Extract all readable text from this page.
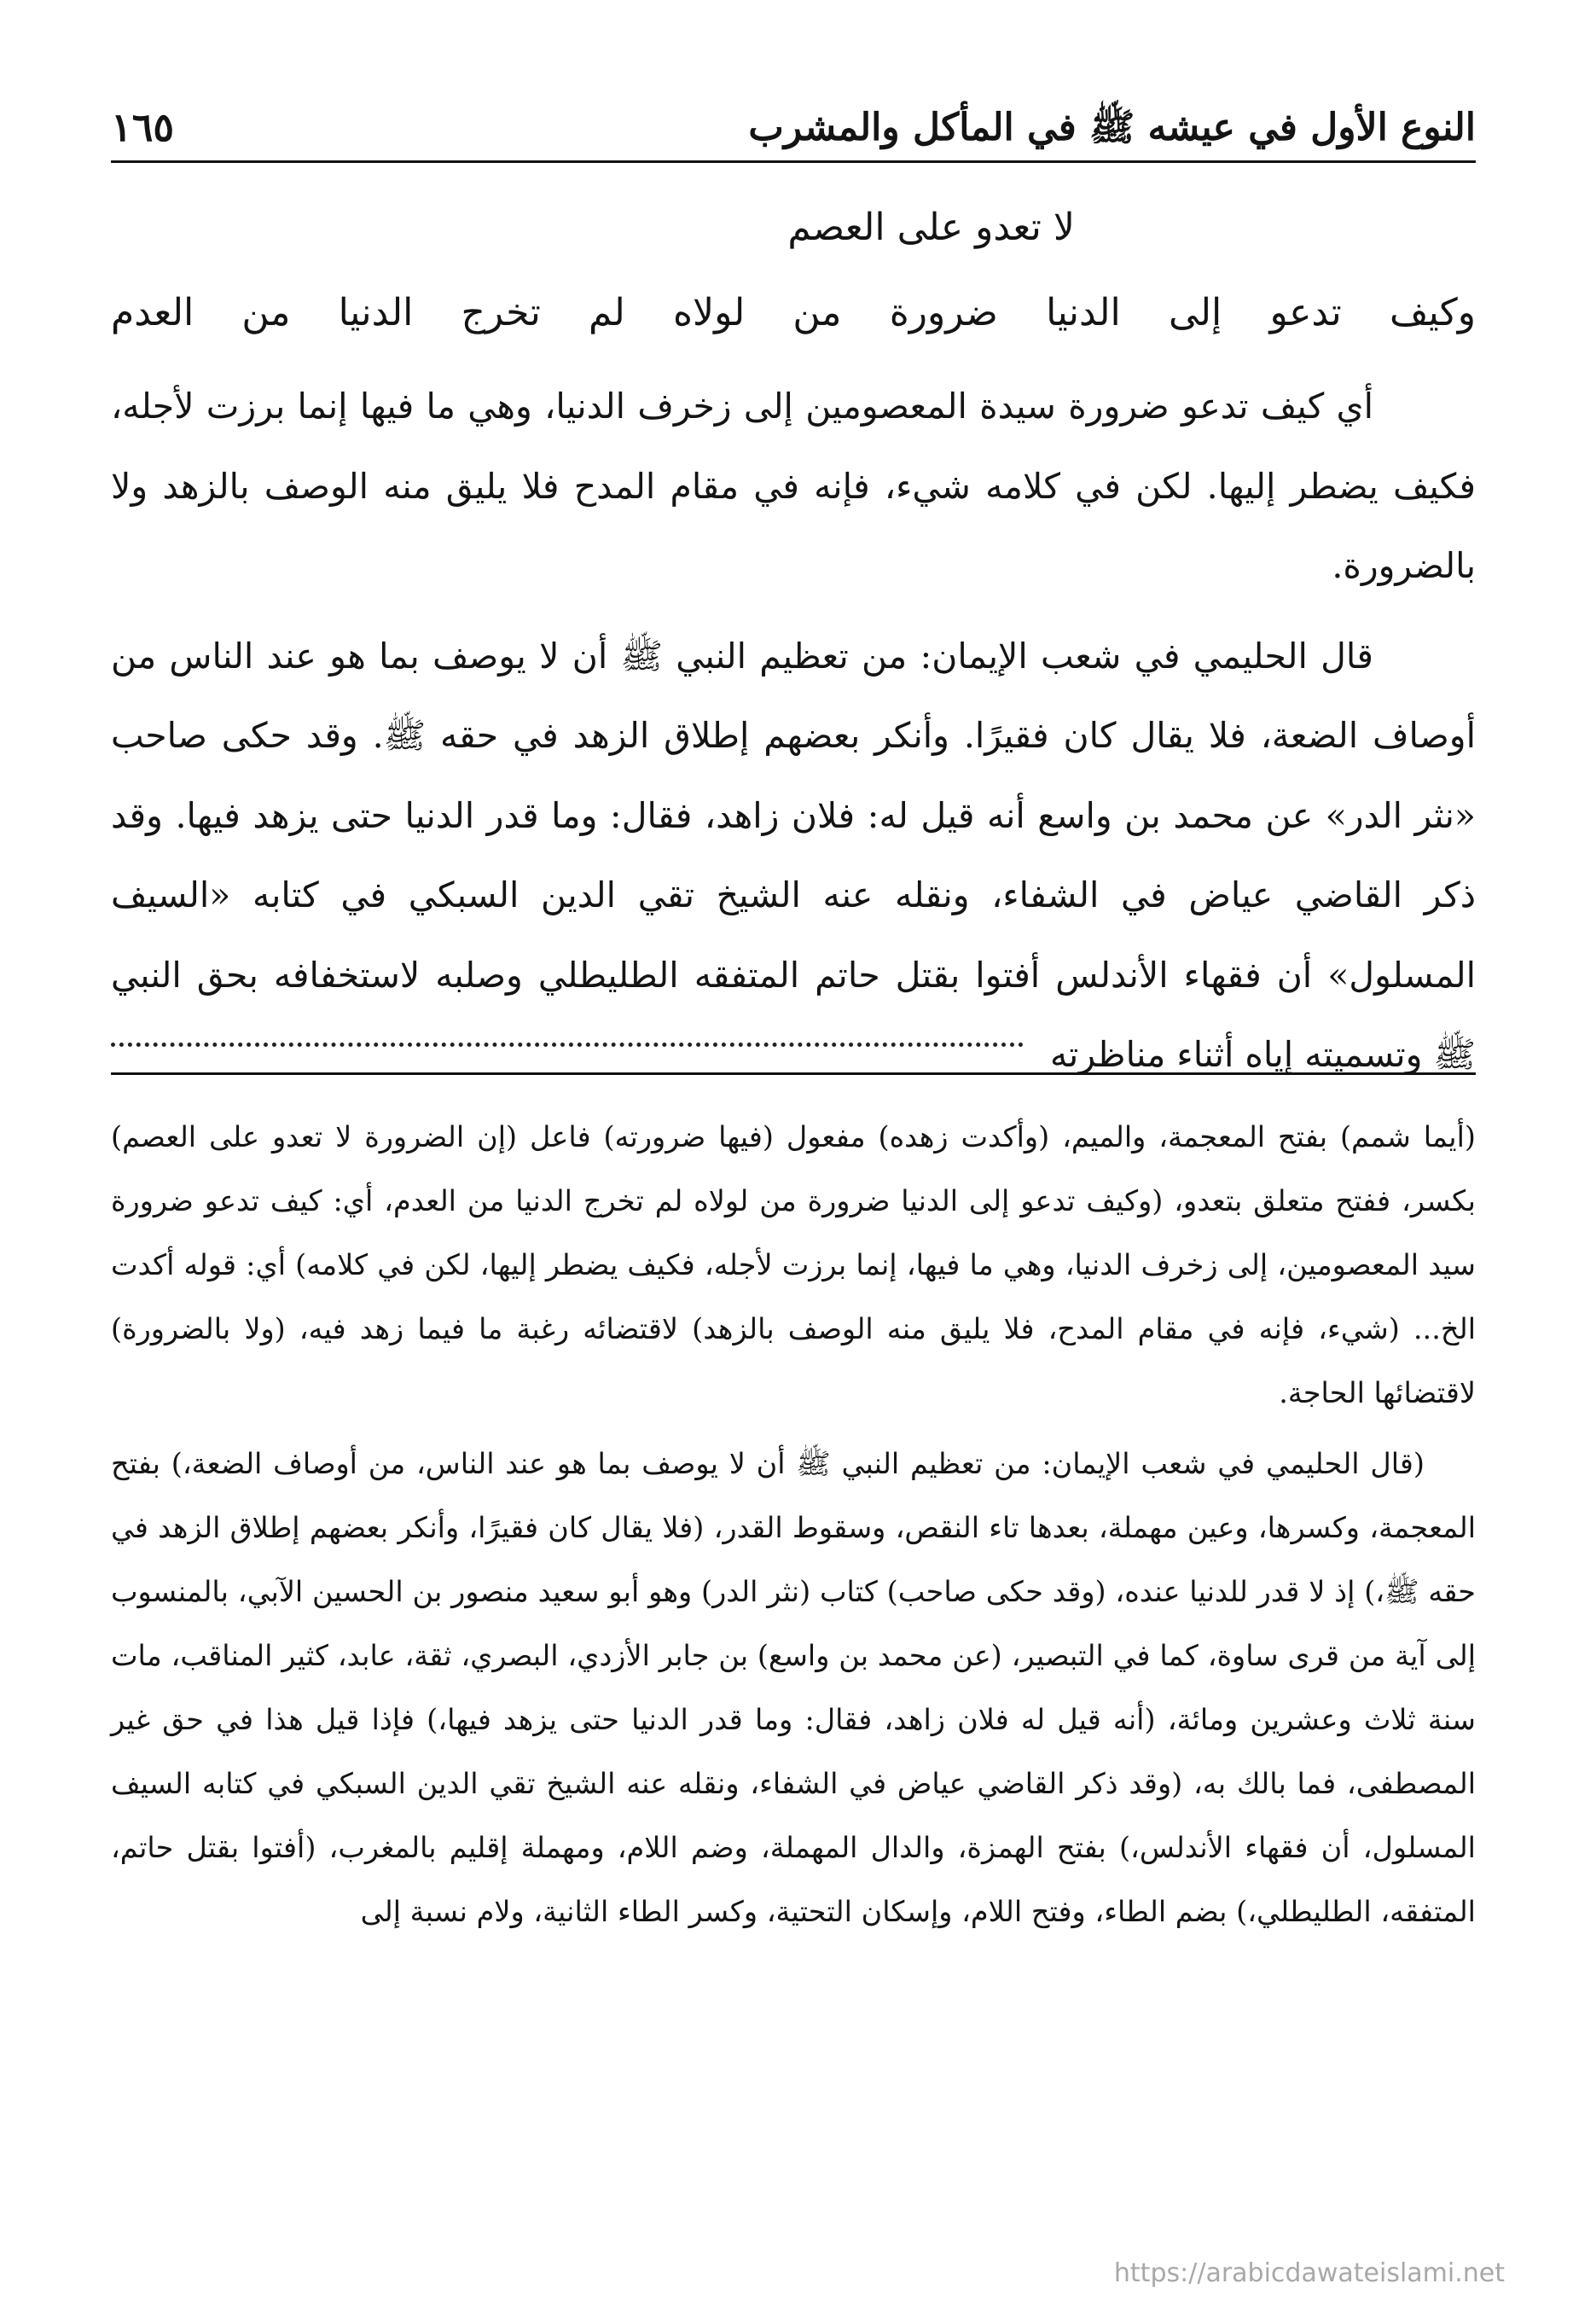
النوع الأول في عيشه ﷺ في المأكل والمشرب
١٦٥
لا تعدو على العصم
وكيف تدعو إلى الدنيا ضرورة من لولاه لم تخرج الدنيا من العدم

أي كيف تدعو ضرورة سيدة المعصومين إلى زخرف الدنيا، وهي ما فيها إنما برزت لأجله، فكيف يضطر إليها. لكن في كلامه شيء، فإنه في مقام المدح فلا يليق منه الوصف بالزهد ولا بالضرورة.

قال الحليمي في شعب الإيمان: من تعظيم النبي ﷺ أن لا يوصف بما هو عند الناس من أوصاف الضعة، فلا يقال كان فقيرًا. وأنكر بعضهم إطلاق الزهد في حقه ﷺ. وقد حكى صاحب «نثر الدر» عن محمد بن واسع أنه قيل له: فلان زاهد، فقال: وما قدر الدنيا حتى يزهد فيها. وقد ذكر القاضي عياض في الشفاء، ونقله عنه الشيخ تقي الدين السبكي في كتابه «السيف المسلول» أن فقهاء الأندلس أفتوا بقتل حاتم المتفقه الطليطلي وصلبه لاستخفافه بحق النبي ﷺ وتسميته إياه أثناء مناظرته

(أيما شمم) بفتح المعجمة، والميم، (وأكدت زهده) مفعول (فيها ضرورته) فاعل (إن الضرورة لا تعدو على العصم) بكسر، ففتح متعلق بتعدو، (وكيف تدعو إلى الدنيا ضرورة من لولاه لم تخرج الدنيا من العدم، أي: كيف تدعو ضرورة سيد المعصومين، إلى زخرف الدنيا، وهي ما فيها، إنما برزت لأجله، فكيف يضطر إليها، لكن في كلامه) أي: قوله أكدت الخ... (شيء، فإنه في مقام المدح، فلا يليق منه الوصف بالزهد) لاقتضائه رغبة ما فيما زهد فيه، (ولا بالضرورة) لاقتضائها الحاجة.

(قال الحليمي في شعب الإيمان: من تعظيم النبي ﷺ أن لا يوصف بما هو عند الناس، من أوصاف الضعة،) بفتح المعجمة، وكسرها، وعين مهملة، بعدها تاء النقص، وسقوط القدر، (فلا يقال كان فقيرًا، وأنكر بعضهم إطلاق الزهد في حقه ﷺ،) إذ لا قدر للدنيا عنده، (وقد حكى صاحب) كتاب (نثر الدر) وهو أبو سعيد منصور بن الحسين الآبي، بالمنسوب إلى آية من قرى ساوة، كما في التبصير، (عن محمد بن واسع) بن جابر الأزدي، البصري، ثقة، عابد، كثير المناقب، مات سنة ثلاث وعشرين ومائة، (أنه قيل له فلان زاهد، فقال: وما قدر الدنيا حتى يزهد فيها،) فإذا قيل هذا في حق غير المصطفى، فما بالك به، (وقد ذكر القاضي عياض في الشفاء، ونقله عنه الشيخ تقي الدين السبكي في كتابه السيف المسلول، أن فقهاء الأندلس،) بفتح الهمزة، والدال المهملة، وضم اللام، ومهملة إقليم بالمغرب، (أفتوا بقتل حاتم، المتفقه، الطليطلي،) بضم الطاء، وفتح اللام، وإسكان التحتية، وكسر الطاء الثانية، ولام نسبة إلى

https://arabicdawateislami.net
